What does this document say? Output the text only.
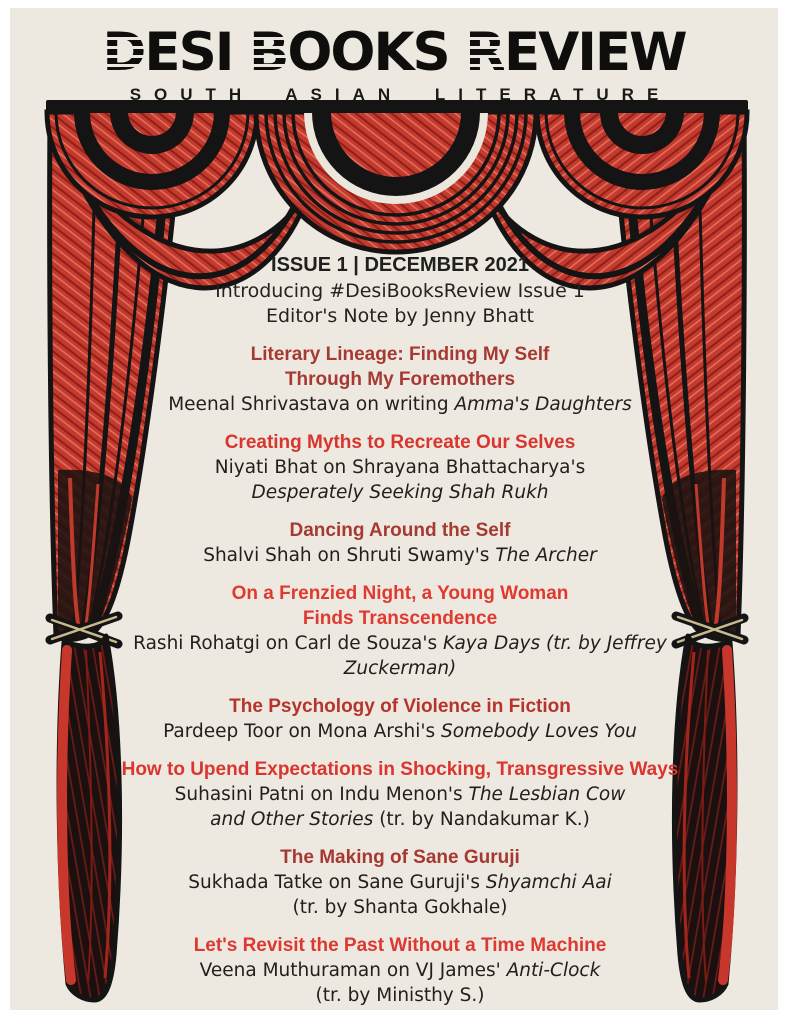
DESI BOOKS REVIEW
SOUTH ASIAN LITERATURE
ISSUE 1 | DECEMBER 2021
Introducing #DesiBooksReview Issue 1
Editor's Note by Jenny Bhatt
Literary Lineage: Finding My Self
Through My Foremothers
Meenal Shrivastava on writing Amma's Daughters
Creating Myths to Recreate Our Selves
Niyati Bhat on Shrayana Bhattacharya's
Desperately Seeking Shah Rukh
Dancing Around the Self
Shalvi Shah on Shruti Swamy's The Archer
On a Frenzied Night, a Young Woman
Finds Transcendence
Rashi Rohatgi on Carl de Souza's Kaya Days (tr. by Jeffrey
Zuckerman)
The Psychology of Violence in Fiction
Pardeep Toor on Mona Arshi's Somebody Loves You
How to Upend Expectations in Shocking, Transgressive Ways
Suhasini Patni on Indu Menon's The Lesbian Cow
and Other Stories (tr. by Nandakumar K.)
The Making of Sane Guruji
Sukhada Tatke on Sane Guruji's Shyamchi Aai
(tr. by Shanta Gokhale)
Let's Revisit the Past Without a Time Machine
Veena Muthuraman on VJ James' Anti-Clock
(tr. by Ministhy S.)
